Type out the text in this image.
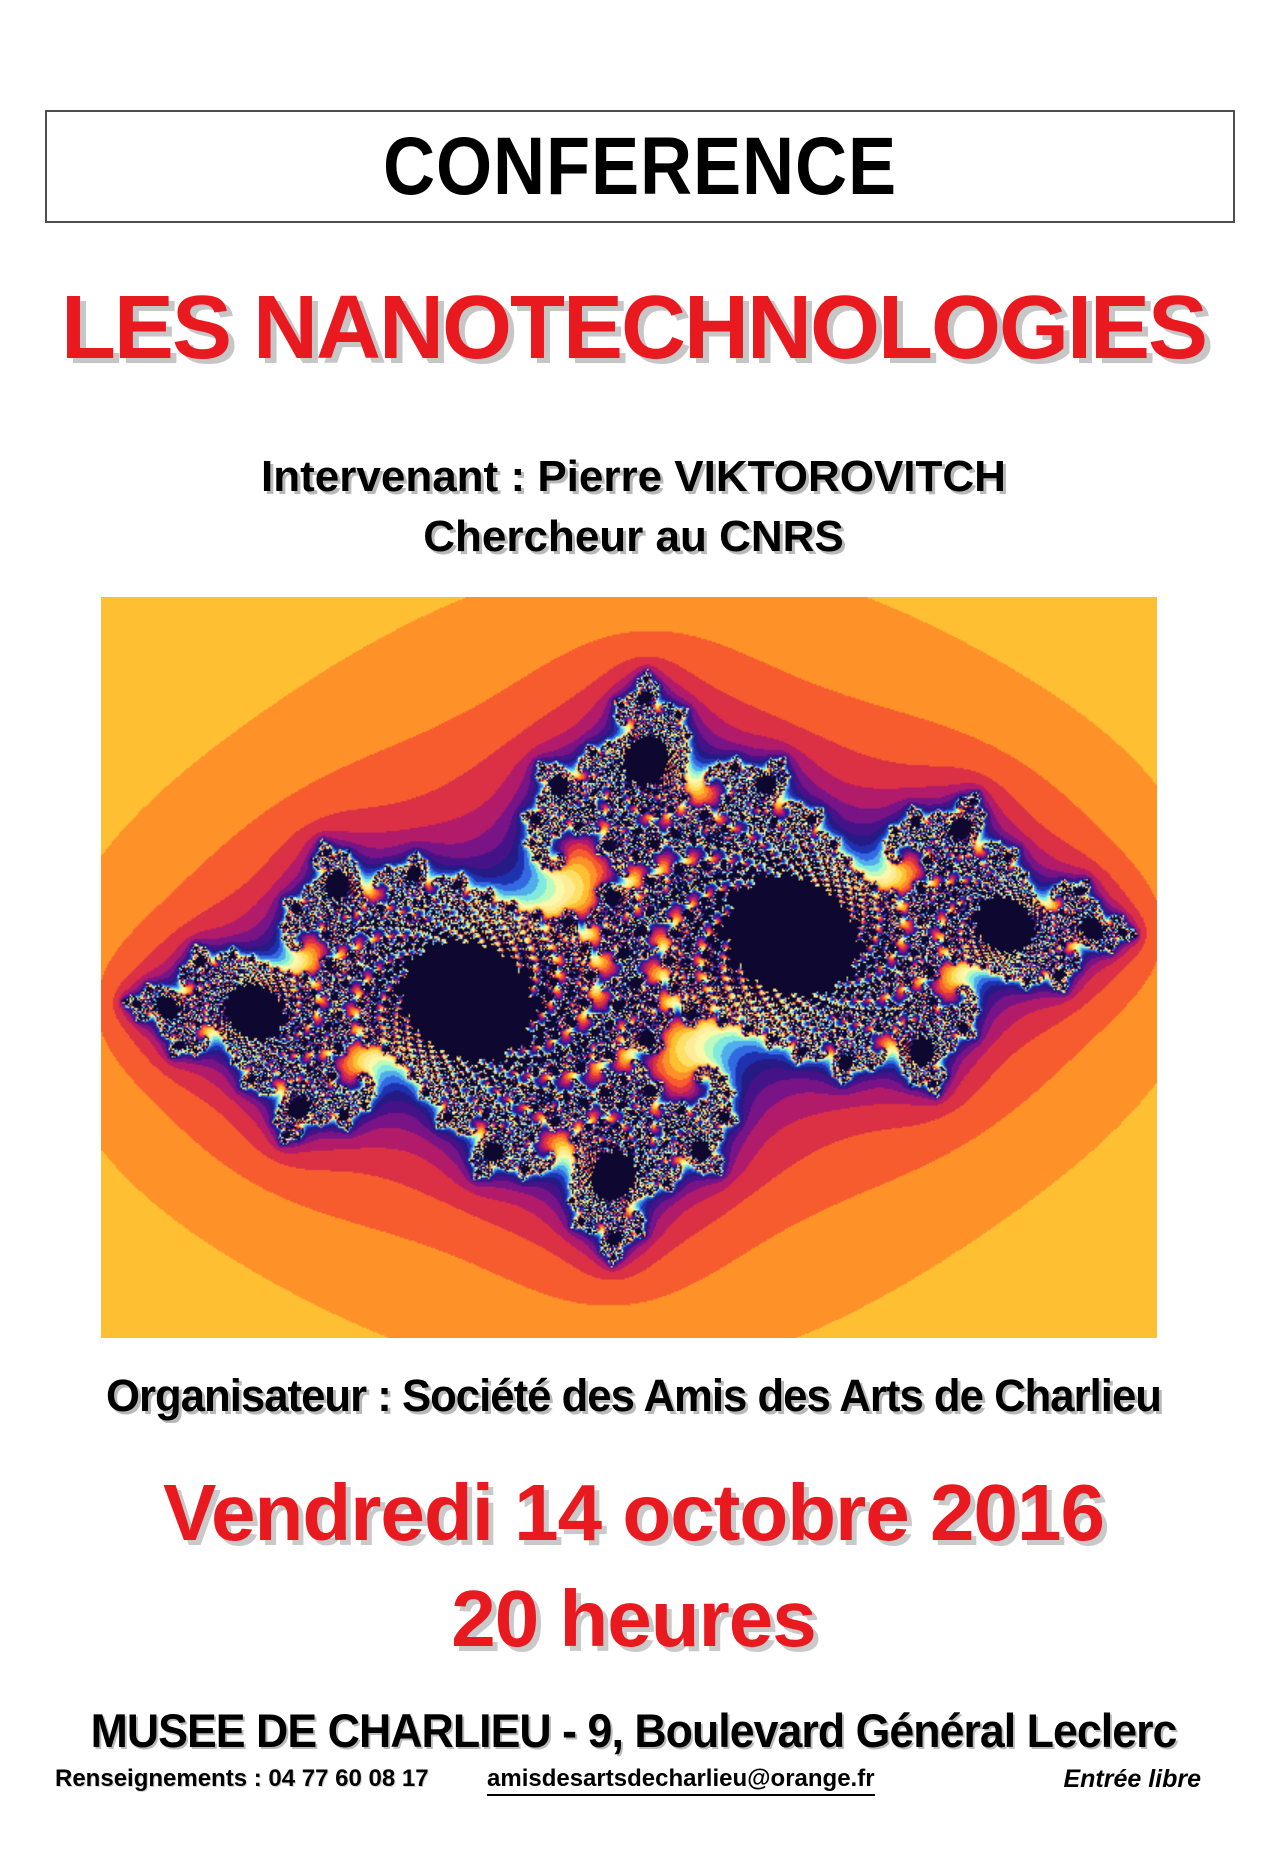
CONFERENCE
LES NANOTECHNOLOGIES
Intervenant : Pierre VIKTOROVITCH
Chercheur au CNRS
Organisateur : Société des Amis des Arts de Charlieu
Vendredi 14 octobre 2016
20 heures
MUSEE DE CHARLIEU - 9, Boulevard Général Leclerc
Renseignements : 04 77 60 08 17 amisdesartsdecharlieu@orange.fr	Entrée libre
